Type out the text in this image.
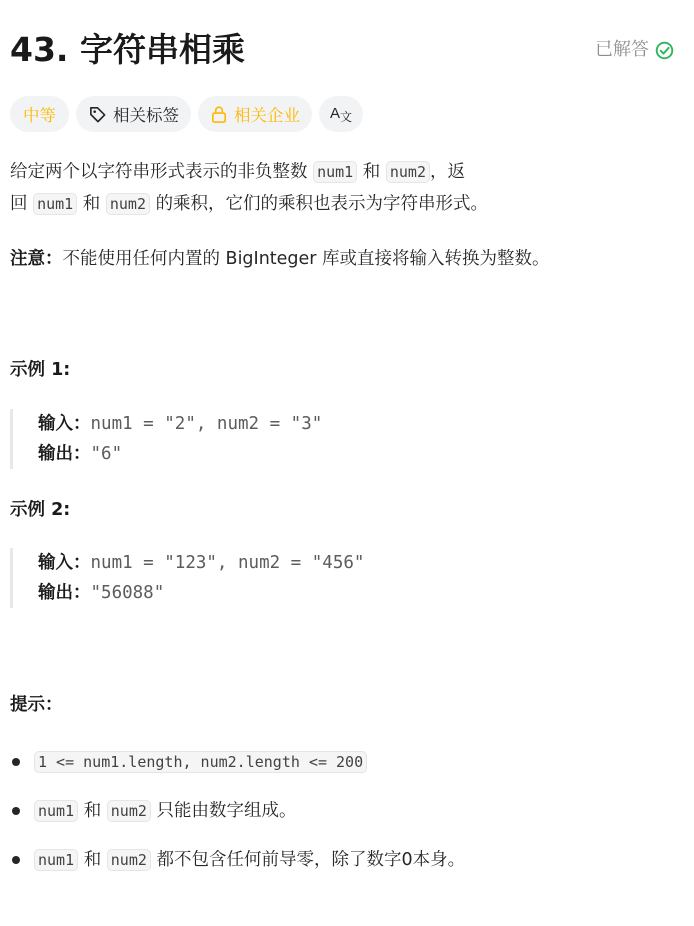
43. 字符串相乘	已解答
中等	相关标签	相关企业 A 文
给定两个以字符串形式表示的非负整数 num1 和 num2 ，返
回 num1 和 num2 的乘积，它们的乘积也表示为字符串形式。
注意：不能使用任何内置的 BigInteger 库或直接将输入转换为整数。
示例 1:
输入：num1 = "2", num2 = "3"
输出："6"
示例 2:
输入：num1 = "123", num2 = "456"
输出："56088"
提示：
1 <= num1.length, num2.length <= 200
num1 和 num2 只能由数字组成。
num1 和 num2 都不包含任何前导零，除了数字0本身。
